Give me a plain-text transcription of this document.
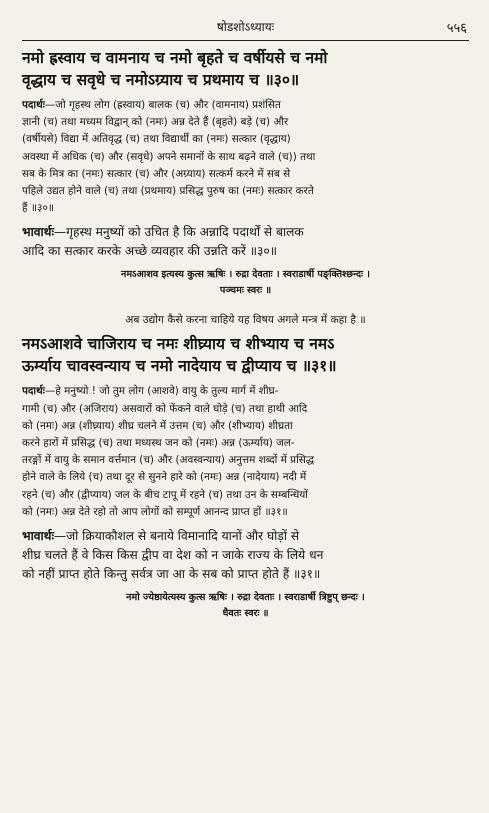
षोडशोऽध्यायः	५५६
नमो ह्रस्वाय च वामनाय च नमो बृहते च वर्षीयसे च नमो
वृद्धाय च सवृधे च नमोऽग्र्याय च प्रथमाय च ॥३०॥
पदार्थः—जो गृहस्थ लोग (ह्रस्वाय) बालक (च) और (वामनाय) प्रशंसित
ज्ञानी (च) तथा मध्यम विद्वान् को (नमः) अन्न देते हैं (बृहते) बड़े (च) और
(वर्षीयसे) विद्या में अतिवृद्ध (च) तथा विद्यार्थी का (नमः) सत्कार (वृद्धाय)
अवस्था में अधिक (च) और (सवृधे) अपने समानों के साथ बढ़ने वाले (च)) तथा
सब के मित्र का (नमः) सत्कार (च) और (अग्र्याय) सत्कर्म करने में सब से
पहिले उद्यत होने वाले (च) तथा (प्रथमाय) प्रसिद्ध पुरुष का (नमः) सत्कार करते
हैं ॥३०॥
भावार्थः—गृहस्थ मनुष्यों को उचित है कि अन्नादि पदार्थों से बालक
आदि का सत्कार करके अच्छे व्यवहार की उन्नति करें ॥३०॥
नमऽआशव इत्यस्य कुत्स ऋषिः । रुद्रा देवताः । स्वराडार्षी पङ्क्तिश्छन्दः ।
पञ्चमः स्वरः ॥
अब उद्योग कैसे करना चाहिये यह विषय अगले मन्त्र में कहा है ॥
नमऽआशवे चाजिराय च नमः शीघ्र्याय च शीभ्याय च नमऽ
ऊर्म्याय चावस्वन्याय च नमो नादेयाय च द्वीप्याय च ॥३१॥
पदार्थः—हे मनुष्यो ! जो तुम लोग (आशवे) वायु के तुल्य मार्ग में शीघ्र-
गामी (च) और (अजिराय) असवारों को फेंकने वाले घोड़े (च) तथा हाथी आदि
को (नमः) अन्न (शीघ्र्याय) शीघ्र चलने में उत्तम (च) और (शीभ्याय) शीघ्रता
करने हारों में प्रसिद्ध (च) तथा मध्यस्थ जन को (नमः) अन्न (ऊर्म्याय) जल-
तरङ्गों में वायु के समान वर्त्तमान (च) और (अवस्वन्याय) अनुत्तम शब्दों में प्रसिद्ध
होने वाले के लिये (च) तथा दूर से सुनने हारे को (नमः) अन्न (नादेयाय) नदी में
रहने (च) और (द्वीप्याय) जल के बीच टापू में रहने (च) तथा उन के सम्बन्धियों
को (नमः) अन्न देते रहो तो आप लोगों को सम्पूर्ण आनन्द प्राप्त हों ॥३१॥
भावार्थः—जो क्रियाकौशल से बनाये विमानादि यानों और घोड़ों से
शीघ्र चलते हैं वे किस किस द्वीप वा देश को न जाके राज्य के लिये धन
को नहीं प्राप्त होते किन्तु सर्वत्र जा आ के सब को प्राप्त होते हैं ॥३१॥
नमो ज्येष्ठायेत्यस्य कुत्स ऋषिः । रुद्रा देवताः । स्वराडार्षी त्रिष्टुप् छन्दः ।
धैवतः स्वरः ॥
